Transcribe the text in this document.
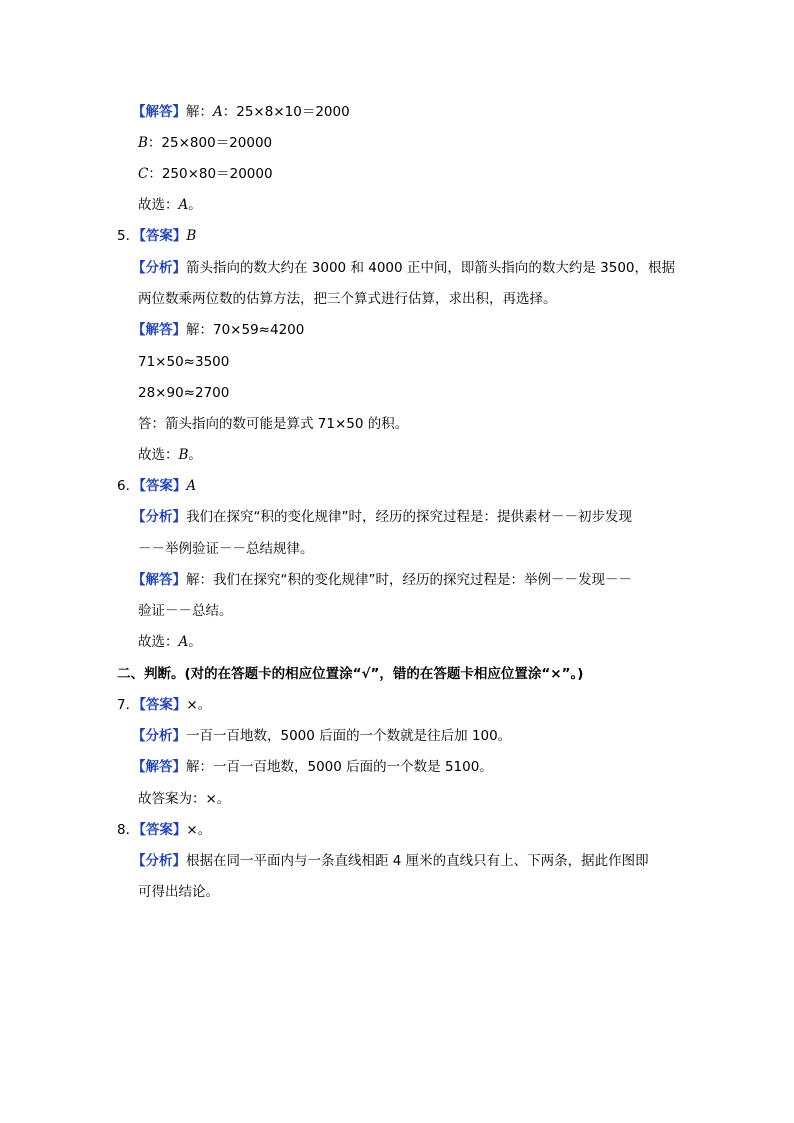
【解答】解：A：25×8×10＝2000
B：25×800＝20000
C：250×80＝20000
故选：A。
5．【答案】B
【分析】箭头指向的数大约在 3000 和 4000 正中间，即箭头指向的数大约是 3500，根据
两位数乘两位数的估算方法，把三个算式进行估算，求出积，再选择。
【解答】解：70×59≈4200
71×50≈3500
28×90≈2700
答：箭头指向的数可能是算式 71×50 的积。
故选：B。
6．【答案】A
【分析】我们在探究“积的变化规律”时，经历的探究过程是：提供素材－－初步发现
－－举例验证－－总结规律。
【解答】解：我们在探究“积的变化规律”时，经历的探究过程是：举例－－发现－－
验证－－总结。
故选：A。
二、判断。(对的在答题卡的相应位置涂“√”，错的在答题卡相应位置涂“×”。)
7．【答案】×。
【分析】一百一百地数，5000 后面的一个数就是往后加 100。
【解答】解：一百一百地数，5000 后面的一个数是 5100。
故答案为：×。
8．【答案】×。
【分析】根据在同一平面内与一条直线相距 4 厘米的直线只有上、下两条，据此作图即
可得出结论。
